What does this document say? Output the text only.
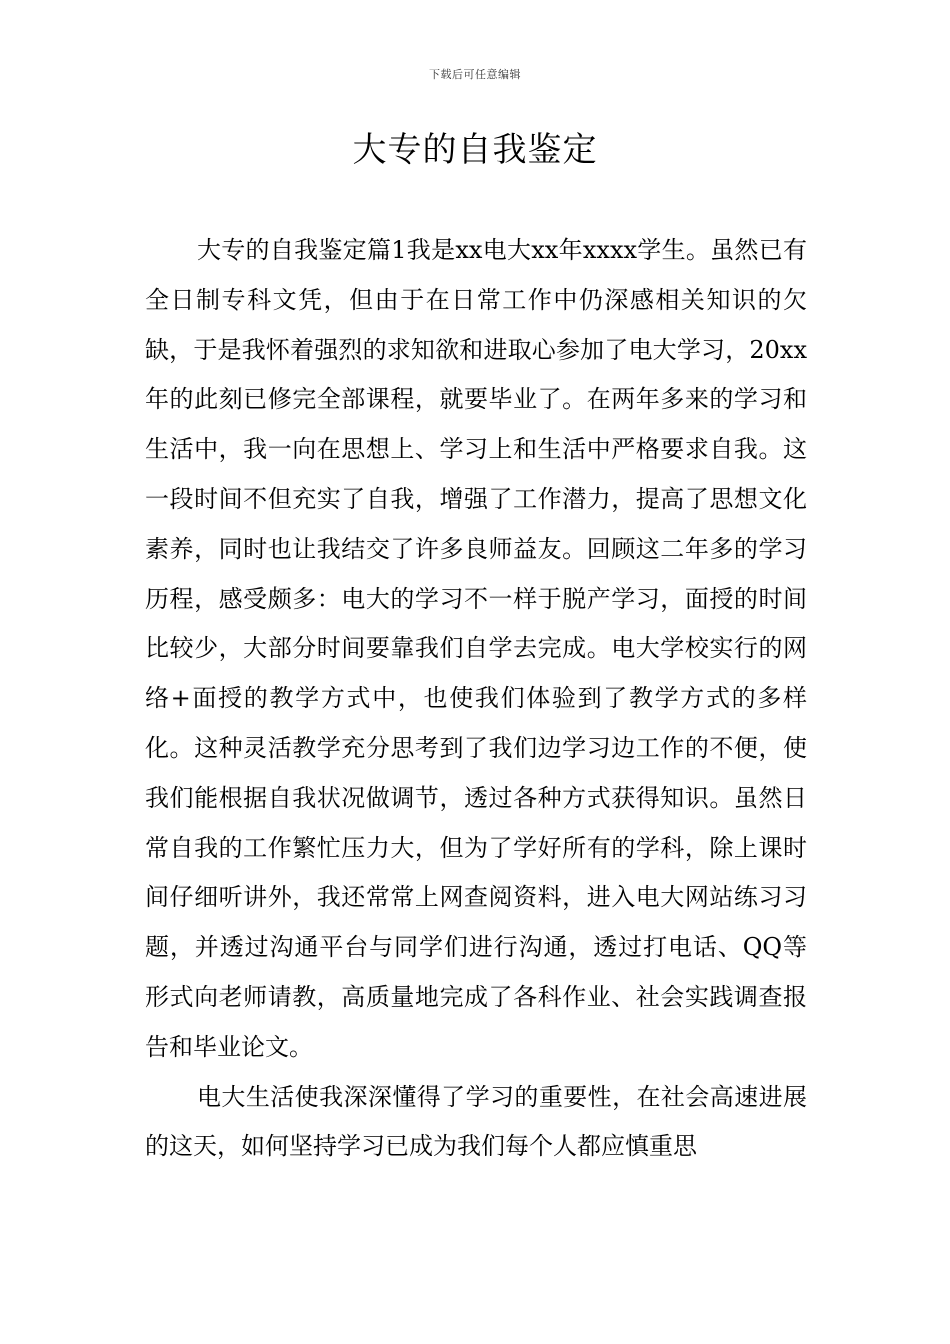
下载后可任意编辑
大专的自我鉴定

大专的自我鉴定篇1我是xx电大xx年xxxx学生。虽然已有全日制专科文凭，但由于在日常工作中仍深感相关知识的欠缺，于是我怀着强烈的求知欲和进取心参加了电大学习，20xx年的此刻已修完全部课程，就要毕业了。在两年多来的学习和生活中，我一向在思想上、学习上和生活中严格要求自我。这一段时间不但充实了自我，增强了工作潜力，提高了思想文化素养，同时也让我结交了许多良师益友。回顾这二年多的学习历程，感受颇多：电大的学习不一样于脱产学习，面授的时间比较少，大部分时间要靠我们自学去完成。电大学校实行的网络+面授的教学方式中，也使我们体验到了教学方式的多样化。这种灵活教学充分思考到了我们边学习边工作的不便，使我们能根据自我状况做调节，透过各种方式获得知识。虽然日常自我的工作繁忙压力大，但为了学好所有的学科，除上课时间仔细听讲外，我还常常上网查阅资料，进入电大网站练习习题，并透过沟通平台与同学们进行沟通，透过打电话、QQ等形式向老师请教，高质量地完成了各科作业、社会实践调查报告和毕业论文。

电大生活使我深深懂得了学习的重要性，在社会高速进展的这天，如何坚持学习已成为我们每个人都应慎重思
